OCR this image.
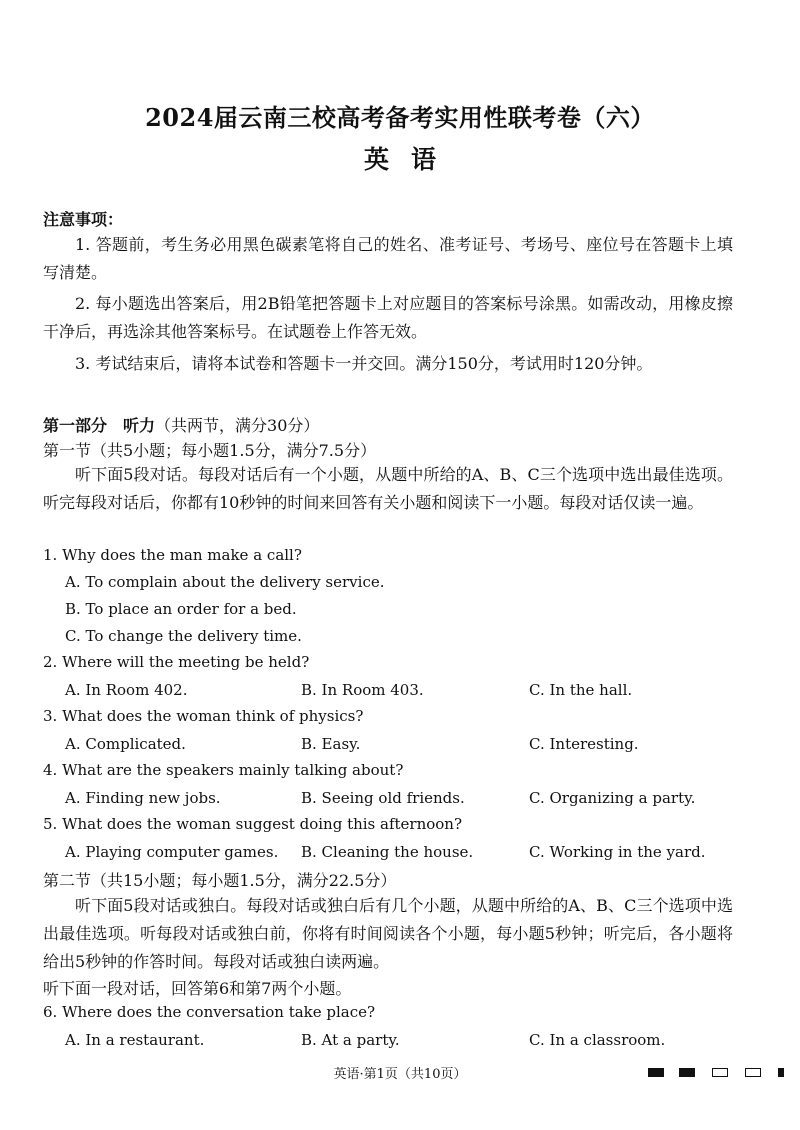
2024届云南三校高考备考实用性联考卷（六）
英语
注意事项：
1. 答题前，考生务必用黑色碳素笔将自己的姓名、准考证号、考场号、座位号在答题卡上填写清楚。
2. 每小题选出答案后，用2B铅笔把答题卡上对应题目的答案标号涂黑。如需改动，用橡皮擦干净后，再选涂其他答案标号。在试题卷上作答无效。
3. 考试结束后，请将本试卷和答题卡一并交回。满分150分，考试用时120分钟。
第一部分　听力（共两节，满分30分）
第一节（共5小题；每小题1.5分，满分7.5分）
听下面5段对话。每段对话后有一个小题，从题中所给的A、B、C三个选项中选出最佳选项。听完每段对话后，你都有10秒钟的时间来回答有关小题和阅读下一小题。每段对话仅读一遍。
1. Why does the man make a call?
A. To complain about the delivery service.
B. To place an order for a bed.
C. To change the delivery time.
2. Where will the meeting be held?
A. In Room 402.	B. In Room 403.	C. In the hall.
3. What does the woman think of physics?
A. Complicated.	B. Easy.	C. Interesting.
4. What are the speakers mainly talking about?
A. Finding new jobs.	B. Seeing old friends.	C. Organizing a party.
5. What does the woman suggest doing this afternoon?
A. Playing computer games. B. Cleaning the house.	C. Working in the yard.
第二节（共15小题；每小题1.5分，满分22.5分）
听下面5段对话或独白。每段对话或独白后有几个小题，从题中所给的A、B、C三个选项中选出最佳选项。听每段对话或独白前，你将有时间阅读各个小题，每小题5秒钟；听完后，各小题将给出5秒钟的作答时间。每段对话或独白读两遍。
听下面一段对话，回答第6和第7两个小题。
6. Where does the conversation take place?
A. In a restaurant.	B. At a party.	C. In a classroom.
英语·第1页（共10页）
